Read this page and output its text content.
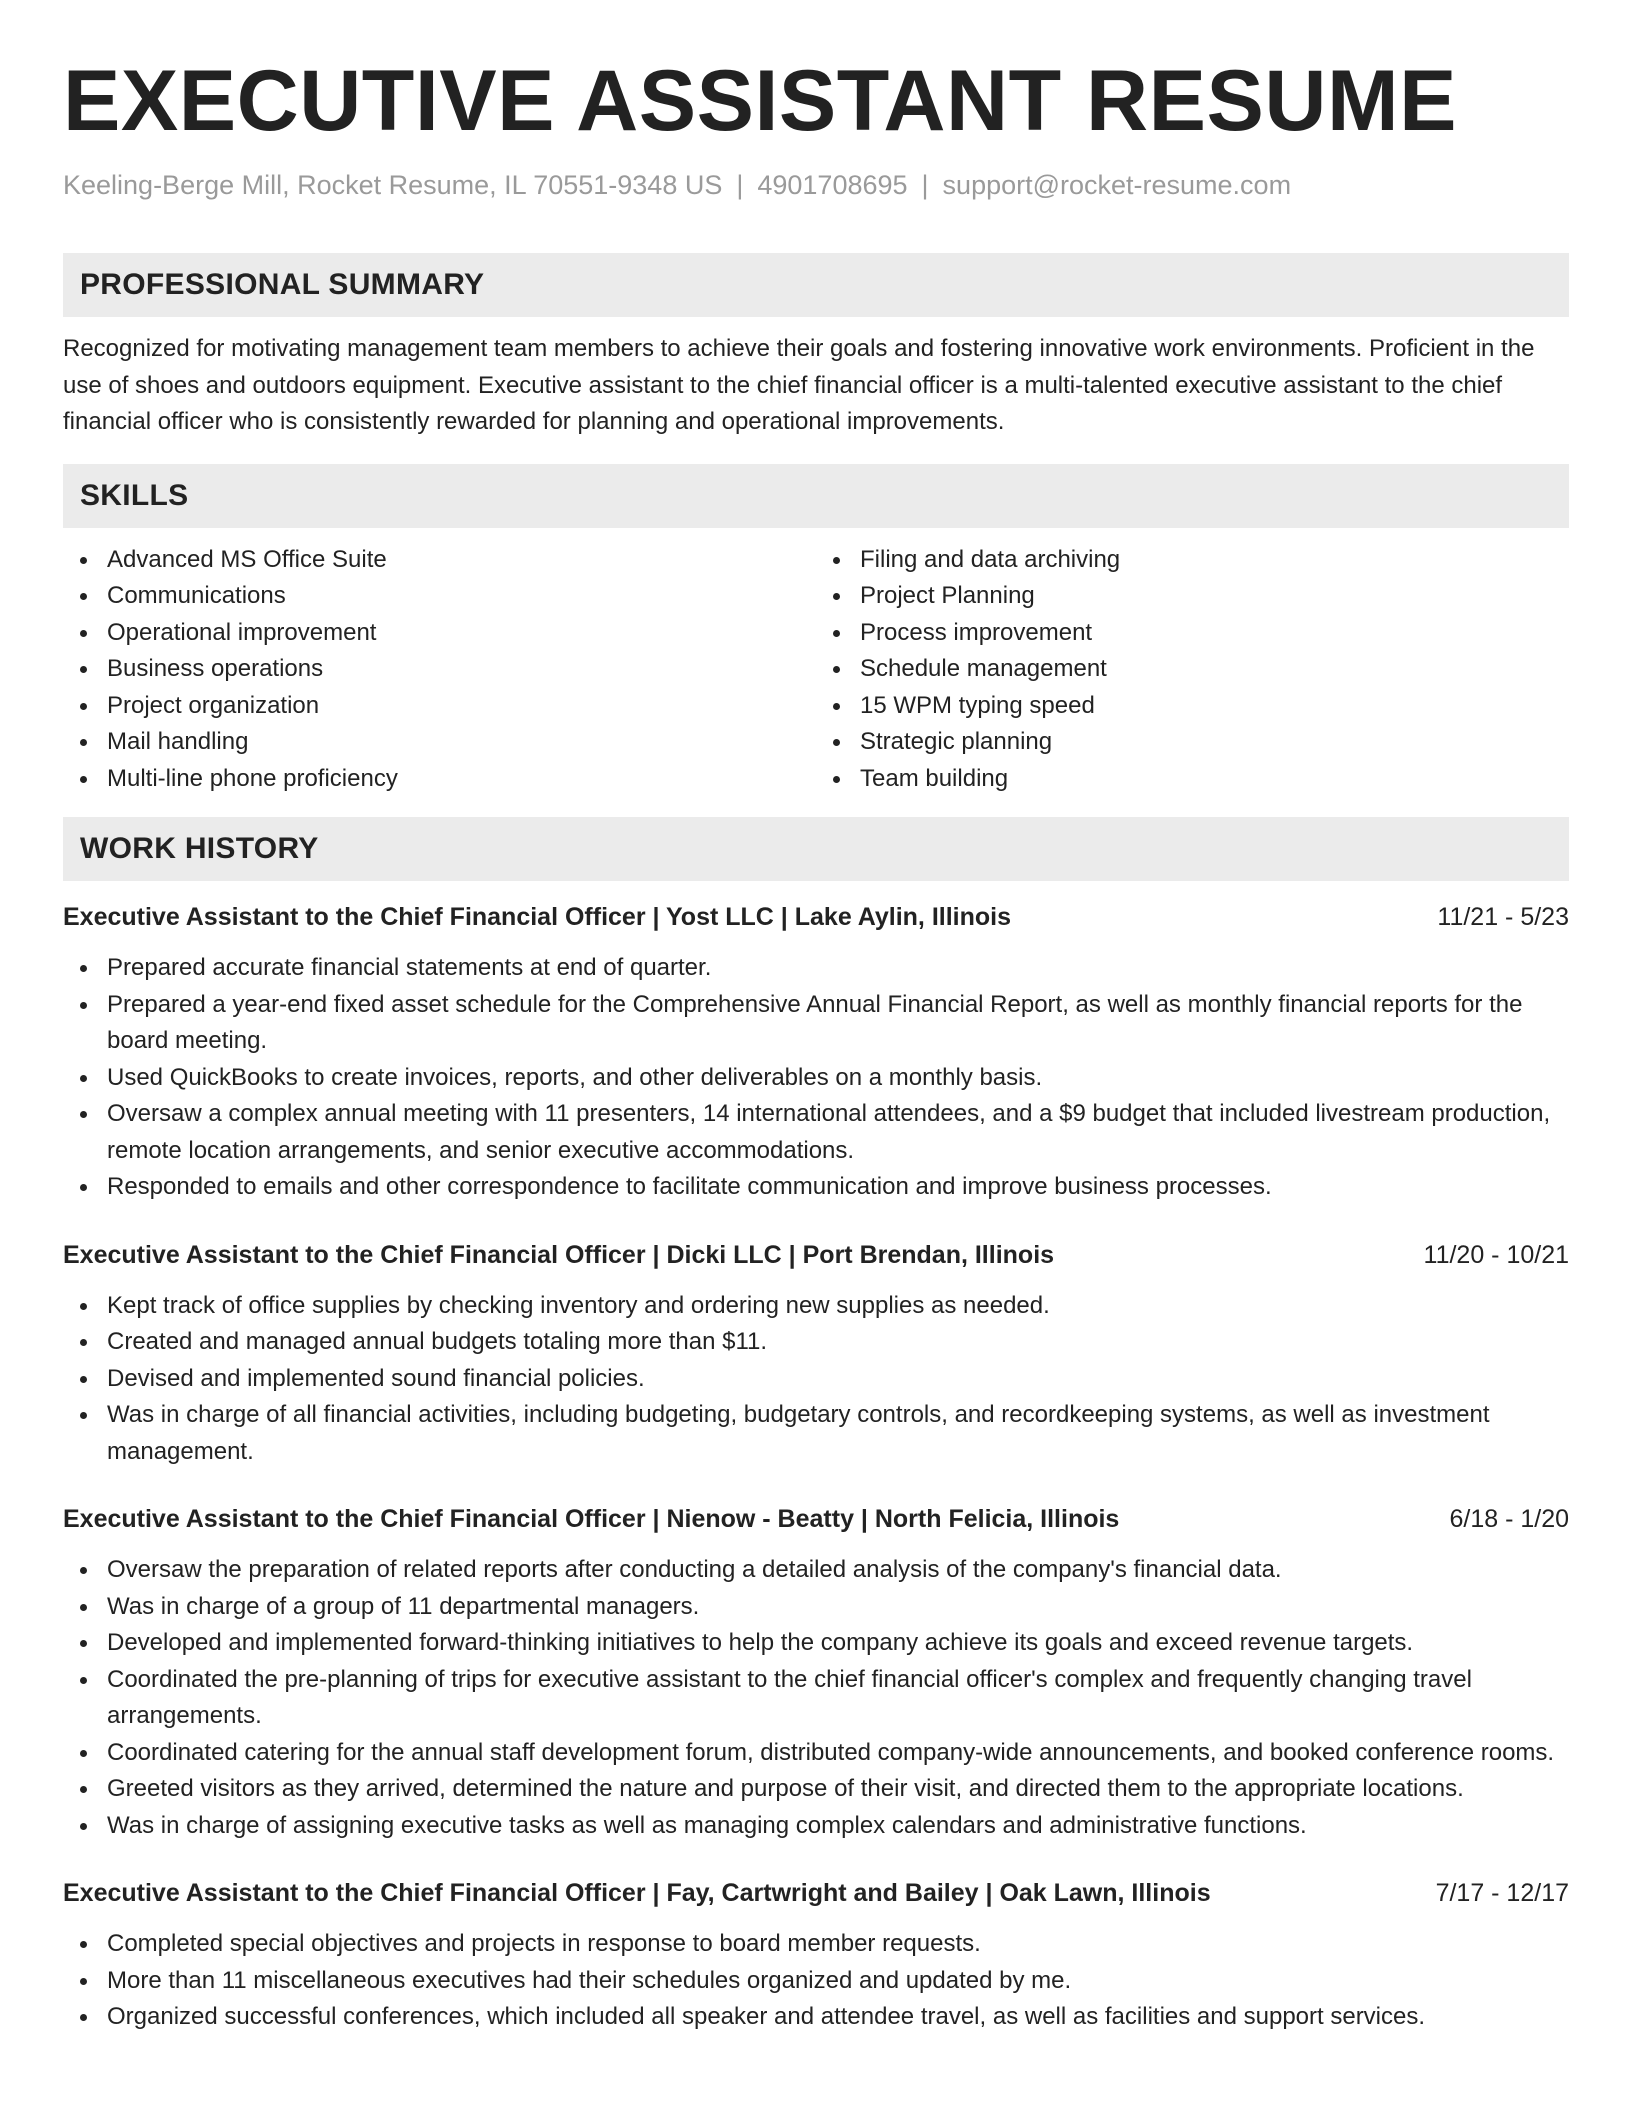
EXECUTIVE ASSISTANT RESUME
Keeling-Berge Mill, Rocket Resume, IL 70551-9348 US | 4901708695 | support@rocket-resume.com
PROFESSIONAL SUMMARY
Recognized for motivating management team members to achieve their goals and fostering innovative work environments. Proficient in the use of shoes and outdoors equipment. Executive assistant to the chief financial officer is a multi-talented executive assistant to the chief financial officer who is consistently rewarded for planning and operational improvements.
SKILLS
Advanced MS Office Suite
Communications
Operational improvement
Business operations
Project organization
Mail handling
Multi-line phone proficiency
Filing and data archiving
Project Planning
Process improvement
Schedule management
15 WPM typing speed
Strategic planning
Team building
WORK HISTORY
Executive Assistant to the Chief Financial Officer | Yost LLC | Lake Aylin, Illinois	11/21 - 5/23
Prepared accurate financial statements at end of quarter.
Prepared a year-end fixed asset schedule for the Comprehensive Annual Financial Report, as well as monthly financial reports for the board meeting.
Used QuickBooks to create invoices, reports, and other deliverables on a monthly basis.
Oversaw a complex annual meeting with 11 presenters, 14 international attendees, and a $9 budget that included livestream production, remote location arrangements, and senior executive accommodations.
Responded to emails and other correspondence to facilitate communication and improve business processes.
Executive Assistant to the Chief Financial Officer | Dicki LLC | Port Brendan, Illinois	11/20 - 10/21
Kept track of office supplies by checking inventory and ordering new supplies as needed.
Created and managed annual budgets totaling more than $11.
Devised and implemented sound financial policies.
Was in charge of all financial activities, including budgeting, budgetary controls, and recordkeeping systems, as well as investment management.
Executive Assistant to the Chief Financial Officer | Nienow - Beatty | North Felicia, Illinois	6/18 - 1/20
Oversaw the preparation of related reports after conducting a detailed analysis of the company's financial data.
Was in charge of a group of 11 departmental managers.
Developed and implemented forward-thinking initiatives to help the company achieve its goals and exceed revenue targets.
Coordinated the pre-planning of trips for executive assistant to the chief financial officer's complex and frequently changing travel arrangements.
Coordinated catering for the annual staff development forum, distributed company-wide announcements, and booked conference rooms.
Greeted visitors as they arrived, determined the nature and purpose of their visit, and directed them to the appropriate locations.
Was in charge of assigning executive tasks as well as managing complex calendars and administrative functions.
Executive Assistant to the Chief Financial Officer | Fay, Cartwright and Bailey | Oak Lawn, Illinois	7/17 - 12/17
Completed special objectives and projects in response to board member requests.
More than 11 miscellaneous executives had their schedules organized and updated by me.
Organized successful conferences, which included all speaker and attendee travel, as well as facilities and support services.
